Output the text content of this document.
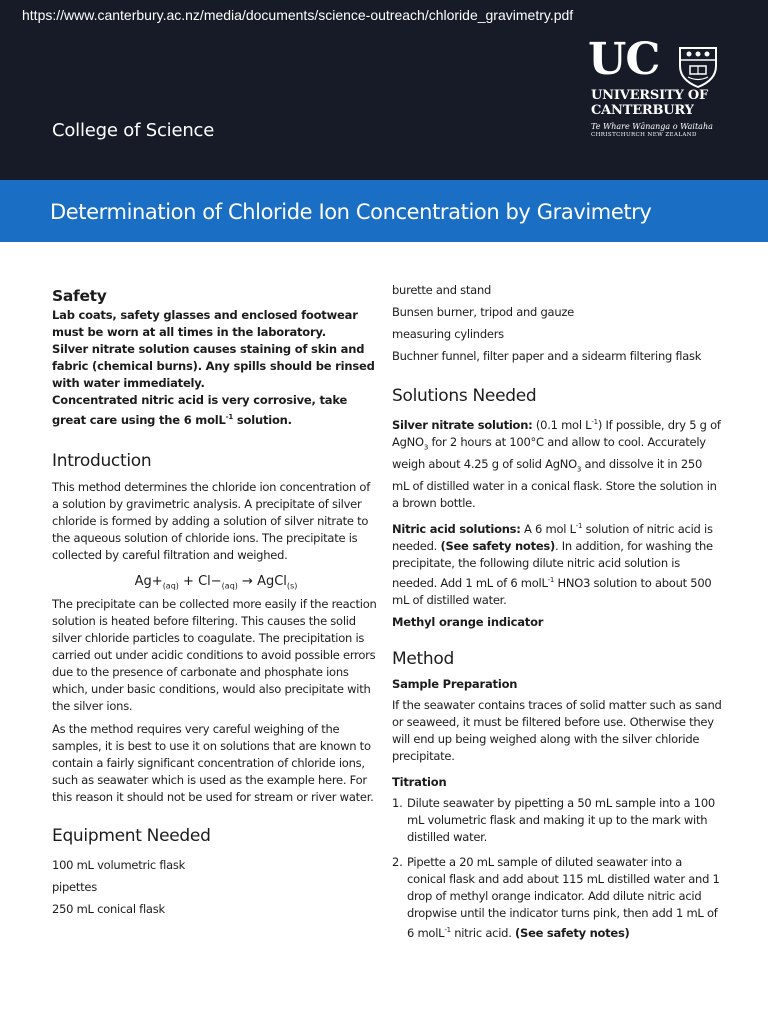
https://www.canterbury.ac.nz/media/documents/science-outreach/chloride_gravimetry.pdf
College of Science
UC
UNIVERSITY OF
CANTERBURY
Te Whare Wānanga o Waitaha
CHRISTCHURCH NEW ZEALAND
Determination of Chloride Ion Concentration by Gravimetry
Safety

Lab coats, safety glasses and enclosed footwear must be worn at all times in the laboratory.

Silver nitrate solution causes staining of skin and fabric (chemical burns). Any spills should be rinsed with water immediately.

Concentrated nitric acid is very corrosive, take great care using the 6 molL$^{-1}$ solution.

Introduction

This method determines the chloride ion concentration of a solution by gravimetric analysis. A precipitate of silver chloride is formed by adding a solution of silver nitrate to the aqueous solution of chloride ions. The precipitate is collected by careful filtration and weighed.

$Ag+_{(aq)} + Cl-_{(aq)}$ → AgCl$_{(s)}$

The precipitate can be collected more easily if the reaction solution is heated before filtering. This causes the solid silver chloride particles to coagulate. The precipitation is carried out under acidic conditions to avoid possible errors due to the presence of carbonate and phosphate ions which, under basic conditions, would also precipitate with the silver ions.

As the method requires very careful weighing of the samples, it is best to use it on solutions that are known to contain a fairly significant concentration of chloride ions, such as seawater which is used as the example here. For this reason it should not be used for stream or river water.

Equipment Needed
100 mL volumetric flask
pipettes
250 mL conical flask
burette and stand
Bunsen burner, tripod and gauze
measuring cylinders
Buchner funnel, filter paper and a sidearm filtering flask
Solutions Needed

Silver nitrate solution: (0.1 mol $L^{-1}$) If possible, dry 5 g of AgNO$_3$ for 2 hours at 100°C and allow to cool. Accurately weigh about 4.25 g of solid AgNO$_3$ and dissolve it in 250 mL of distilled water in a conical flask. Store the solution in a brown bottle.

Nitric acid solutions: A 6 mol $L^{-1}$ solution of nitric acid is needed. (See safety notes). In addition, for washing the precipitate, the following dilute nitric acid solution is needed. Add 1 mL of 6 molL$^{-1}$ HNO3 solution to about 500 mL of distilled water.

Methyl orange indicator

Method

Sample Preparation

If the seawater contains traces of solid matter such as sand or seaweed, it must be filtered before use. Otherwise they will end up being weighed along with the silver chloride precipitate.

Titration

1. Dilute seawater by pipetting a 50 mL sample into a 100 mL volumetric flask and making it up to the mark with distilled water.
2. Pipette a 20 mL sample of diluted seawater into a conical flask and add about 115 mL distilled water and 1 drop of methyl orange indicator. Add dilute nitric acid dropwise until the indicator turns pink, then add 1 mL of 6 molL$^{-1}$ nitric acid. (See safety notes)
